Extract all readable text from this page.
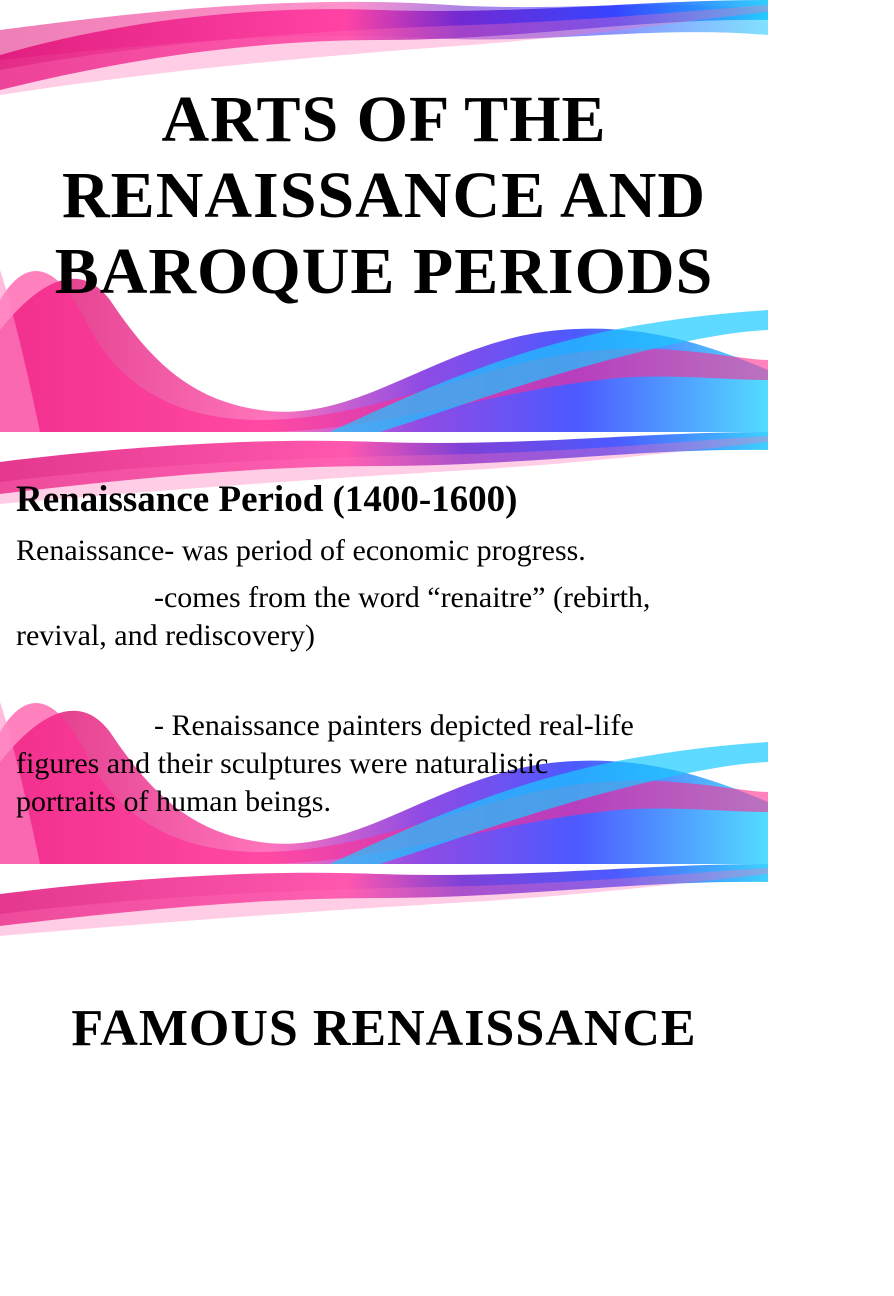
ARTS OF THE
RENAISSANCE AND
BAROQUE PERIODS
Renaissance Period (1400-1600)
Renaissance- was period of economic progress.
-comes from the word “renaitre” (rebirth,
revival, and rediscovery)
- Renaissance painters depicted real-life
figures and their sculptures were naturalistic
portraits of human beings.
FAMOUS RENAISSANCE
